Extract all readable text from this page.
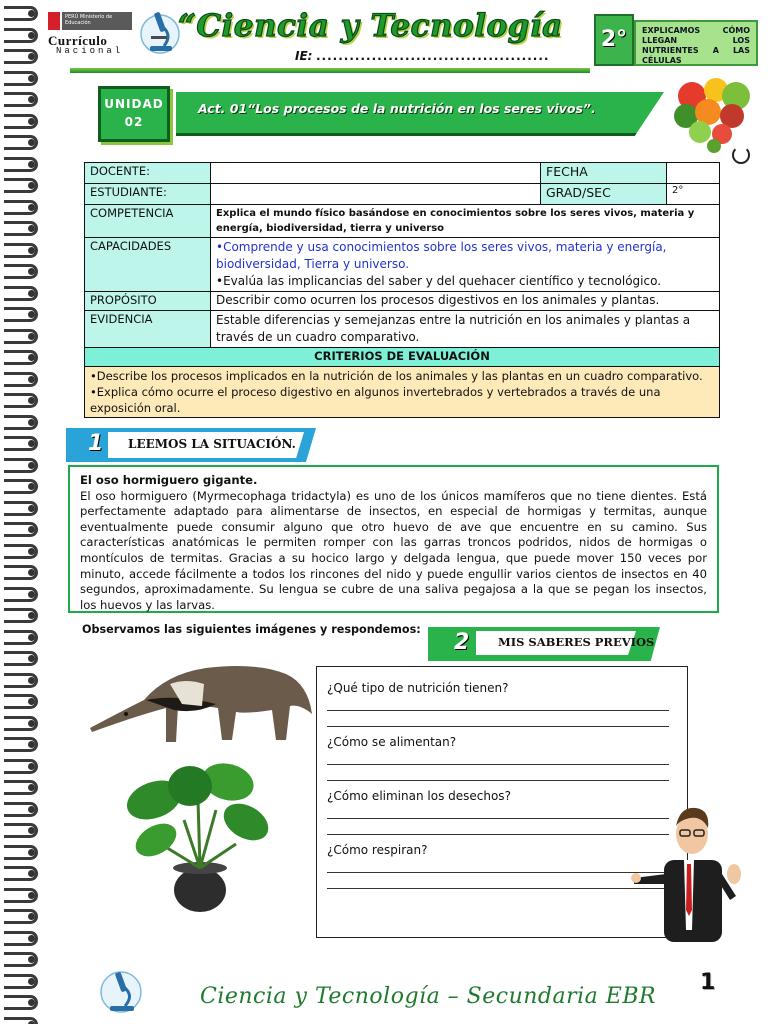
PERÚ Ministerio de Educación
Currículo
Nacional
“Ciencia y Tecnología
IE: ..........................................
2°	EXPLICAMOS CÓMO LLEGAN LOS NUTRIENTES A LAS CÉLULAS
UNIDAD
02
Act. 01“Los procesos de la nutrición en los seres vivos”.
DOCENTE:		FECHA	
ESTUDIANTE:		GRAD/SEC	2°
COMPETENCIA	Explica el mundo físico basándose en conocimientos sobre los seres vivos, materia y energía, biodiversidad, tierra y universo		
CAPACIDADES	•Comprende y usa conocimientos sobre los seres vivos, materia y energía, biodiversidad, Tierra y universo.
•Evalúa las implicancias del saber y del quehacer científico y tecnológico.		

PROPÓSITO	Describir como ocurren los procesos digestivos en los animales y plantas.		
EVIDENCIA	Estable diferencias y semejanzas entre la nutrición en los animales y plantas a través de un cuadro comparativo.		
CRITERIOS DE EVALUACIÓN			

•Describe los procesos implicados en la nutrición de los animales y las plantas en un cuadro comparativo.
•Explica cómo ocurre el proceso digestivo en algunos invertebrados y vertebrados a través de una exposición oral.			
1 LEEMOS LA SITUACIÓN.
El oso hormiguero gigante.
El oso hormiguero (Myrmecophaga tridactyla) es uno de los únicos mamíferos que no tiene dientes. Está perfectamente adaptado para alimentarse de insectos, en especial de hormigas y termitas, aunque eventualmente puede consumir alguno que otro huevo de ave que encuentre en su camino. Sus características anatómicas le permiten romper con las garras troncos podridos, nidos de hormigas o montículos de termitas. Gracias a su hocico largo y delgada lengua, que puede mover 150 veces por minuto, accede fácilmente a todos los rincones del nido y puede engullir varios cientos de insectos en 40 segundos, aproximadamente. Su lengua se cubre de una saliva pegajosa a la que se pegan los insectos, los huevos y las larvas.
Observamos las siguientes imágenes y respondemos:
2 MIS SABERES PREVIOS
¿Qué tipo de nutrición tienen?
¿Cómo se alimentan?
¿Cómo eliminan los desechos?
¿Cómo respiran?
Ciencia y Tecnología – Secundaria EBR
1
